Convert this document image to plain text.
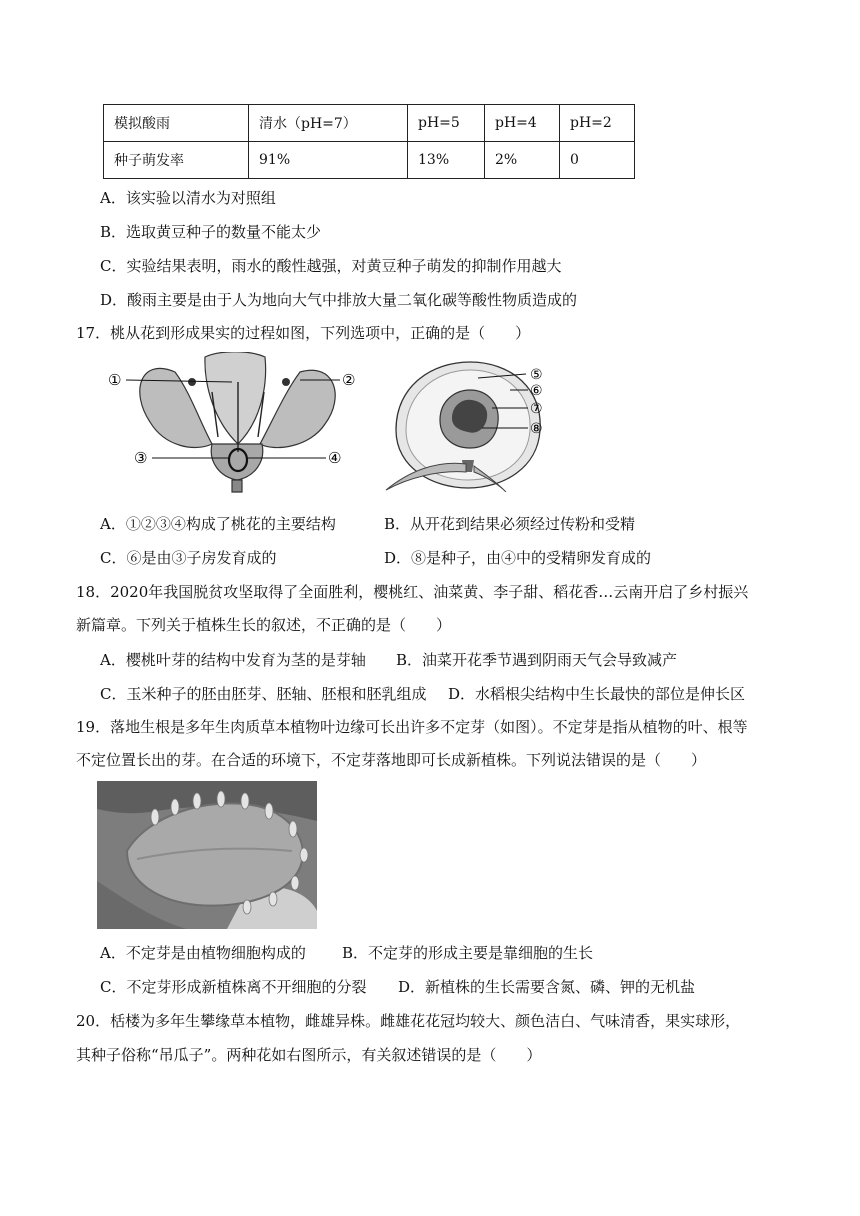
模拟酸雨	清水（pH=7）	pH=5	pH=4	pH=2
种子萌发率	91%	13%	2%	0
A．该实验以清水为对照组
B．选取黄豆种子的数量不能太少
C．实验结果表明，雨水的酸性越强，对黄豆种子萌发的抑制作用越大
D．酸雨主要是由于人为地向大气中排放大量二氧化碳等酸性物质造成的
17．桃从花到形成果实的过程如图，下列选项中，正确的是（　　）
①	②
③	④
⑤
⑥
⑦
⑧
A．①②③④构成了桃花的主要结构	B．从开花到结果必须经过传粉和受精
C．⑥是由③子房发育成的	D．⑧是种子，由④中的受精卵发育成的
18．2020年我国脱贫攻坚取得了全面胜利，樱桃红、油菜黄、李子甜、稻花香…云南开启了乡村振兴
新篇章。下列关于植株生长的叙述，不正确的是（　　）
A．樱桃叶芽的结构中发育为茎的是芽轴 B．油菜开花季节遇到阴雨天气会导致减产
C．玉米种子的胚由胚芽、胚轴、胚根和胚乳组成 D．水稻根尖结构中生长最快的部位是伸长区
19．落地生根是多年生肉质草本植物叶边缘可长出许多不定芽（如图）。不定芽是指从植物的叶、根等
不定位置长出的芽。在合适的环境下，不定芽落地即可长成新植株。下列说法错误的是（　　）
A．不定芽是由植物细胞构成的 B．不定芽的形成主要是靠细胞的生长
C．不定芽形成新植株离不开细胞的分裂 D．新植株的生长需要含氮、磷、钾的无机盐
20．栝楼为多年生攀缘草本植物，雌雄异株。雌雄花花冠均较大、颜色洁白、气味清香，果实球形，
其种子俗称“吊瓜子”。两种花如右图所示，有关叙述错误的是（　　）
